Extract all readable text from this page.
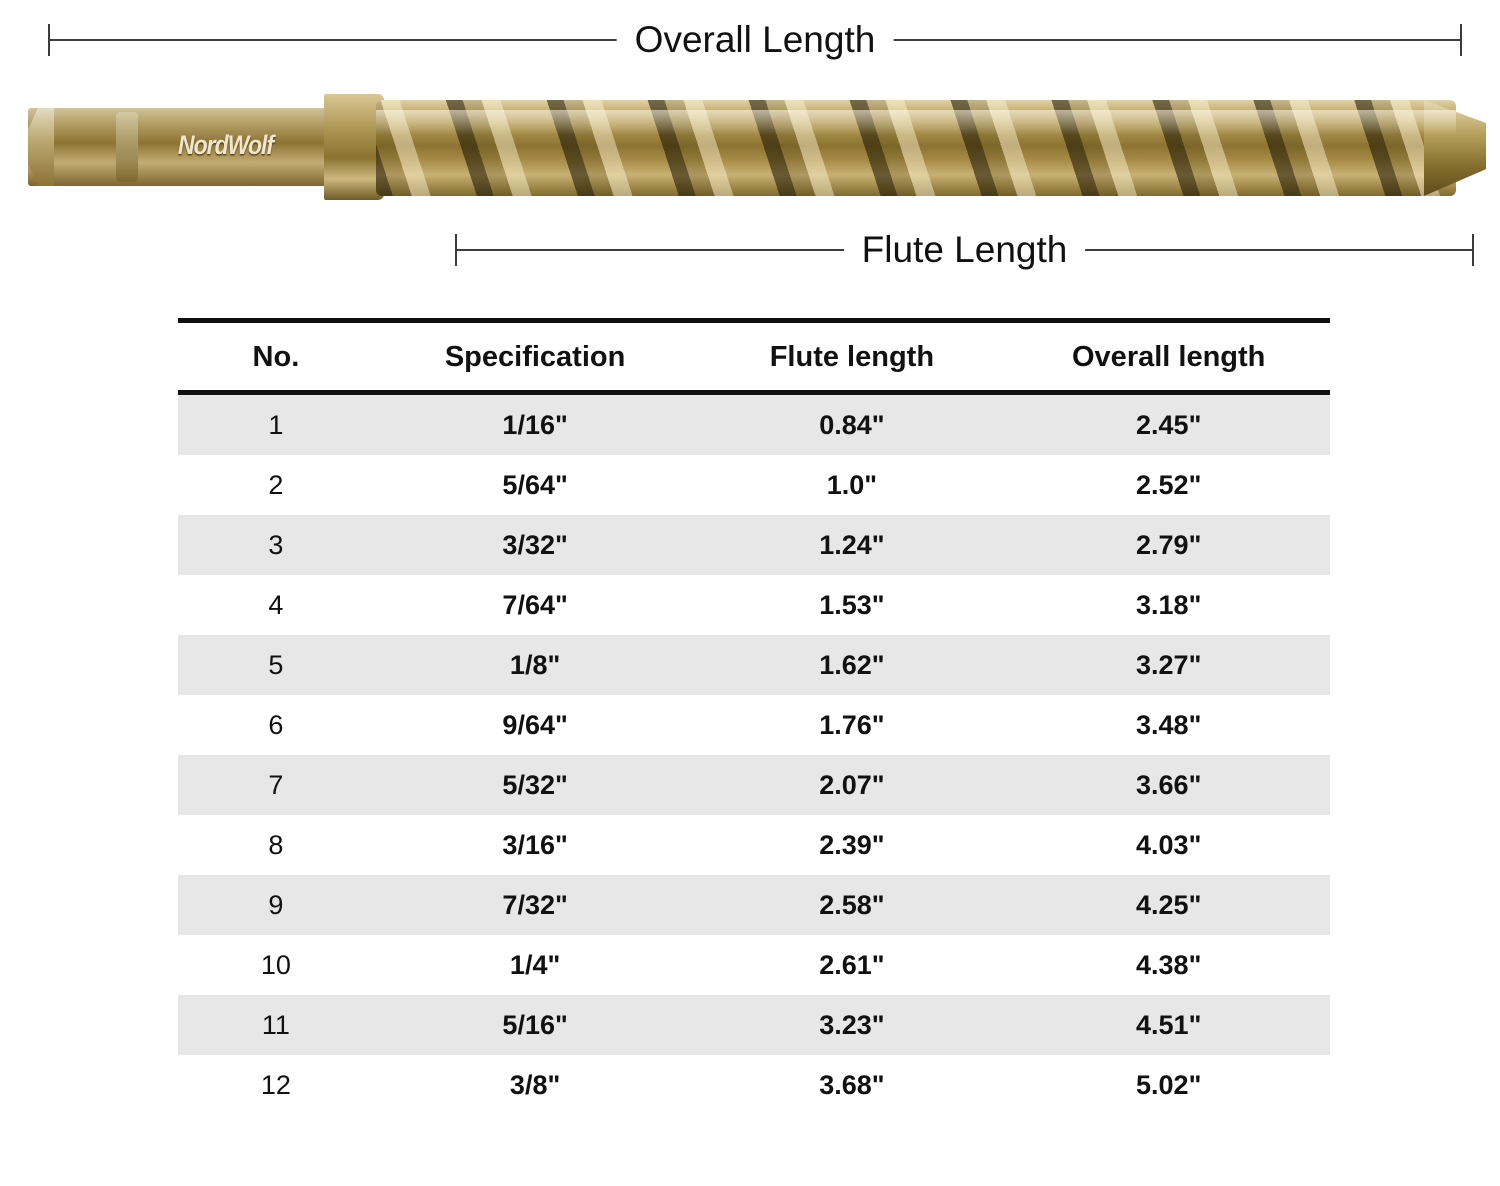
Overall Length
NordWolf
Flute Length
No.	Specification	Flute length	Overall length
1	1/16"	0.84"	2.45"
2	5/64"	1.0"	2.52"
3	3/32"	1.24"	2.79"
4	7/64"	1.53"	3.18"
5	1/8"	1.62"	3.27"
6	9/64"	1.76"	3.48"
7	5/32"	2.07"	3.66"
8	3/16"	2.39"	4.03"
9	7/32"	2.58"	4.25"
10	1/4"	2.61"	4.38"
11	5/16"	3.23"	4.51"
12	3/8"	3.68"	5.02"
